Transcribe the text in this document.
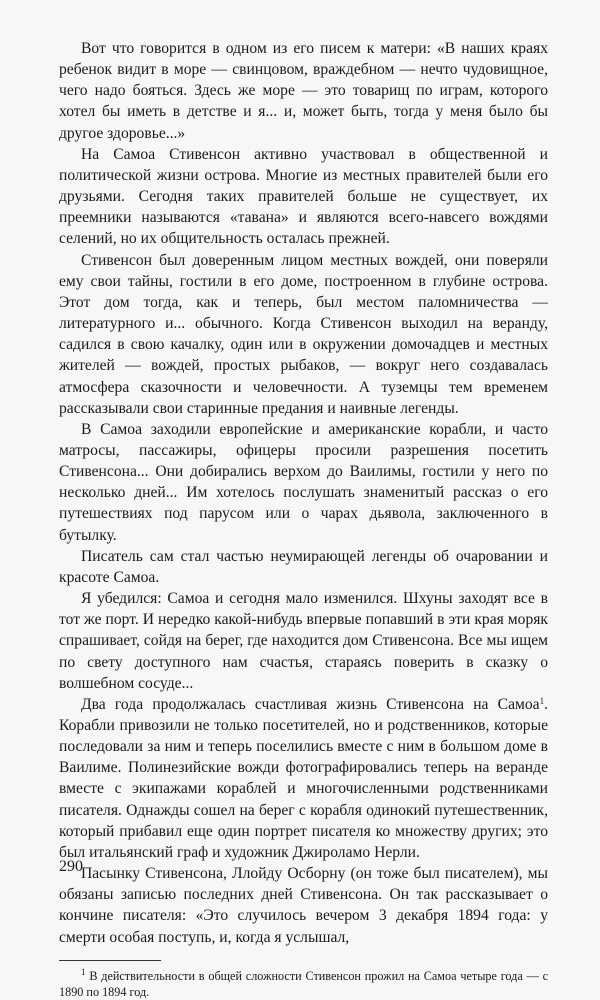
Вот что говорится в одном из его писем к матери: «В наших краях ребенок видит в море — свинцовом, враждебном — нечто чудовищное, чего надо бояться. Здесь же море — это товарищ по играм, которого хотел бы иметь в детстве и я... и, может быть, тогда у меня было бы другое здоровье...»

На Самоа Стивенсон активно участвовал в общественной и политической жизни острова. Многие из местных правителей были его друзьями. Сегодня таких правителей больше не существует, их преемники называются «тавана» и являются всего-навсего вождями селений, но их общительность осталась прежней.

Стивенсон был доверенным лицом местных вождей, они поверяли ему свои тайны, гостили в его доме, построенном в глубине острова. Этот дом тогда, как и теперь, был местом паломничества — литературного и... обычного. Когда Стивенсон выходил на веранду, садился в свою качалку, один или в окружении домочадцев и местных жителей — вождей, простых рыбаков, — вокруг него создавалась атмосфера сказочности и человечности. А туземцы тем временем рассказывали свои старинные предания и наивные легенды.

В Самоа заходили европейские и американские корабли, и часто матросы, пассажиры, офицеры просили разрешения посетить Стивенсона... Они добирались верхом до Ваилимы, гостили у него по несколько дней... Им хотелось послушать знаменитый рассказ о его путешествиях под парусом или о чарах дьявола, заключенного в бутылку.

Писатель сам стал частью неумирающей легенды об очаровании и красоте Самоа.

Я убедился: Самоа и сегодня мало изменился. Шхуны заходят все в тот же порт. И нередко какой-нибудь впервые попавший в эти края моряк спрашивает, сойдя на берег, где находится дом Стивенсона. Все мы ищем по свету доступного нам счастья, стараясь поверить в сказку о волшебном сосуде...

Два года продолжалась счастливая жизнь Стивенсона на Самоа$^1$. Корабли привозили не только посетителей, но и родственников, которые последовали за ним и теперь поселились вместе с ним в большом доме в Ваилиме. Полинезийские вожди фотографировались теперь на веранде вместе с экипажами кораблей и многочисленными родственниками писателя. Однажды сошел на берег с корабля одинокий путешественник, который прибавил еще один портрет писателя ко множеству других; это был итальянский граф и художник Джироламо Нерли.

Пасынку Стивенсона, Ллойду Осборну (он тоже был писателем), мы обязаны записью последних дней Стивенсона. Он так рассказывает о кончине писателя: «Это случилось вечером 3 декабря 1894 года: у смерти особая поступь, и, когда я услышал,

$^1$ В действительности в общей сложности Стивенсон прожил на Самоа четыре года — с 1890 по 1894 год.

290
